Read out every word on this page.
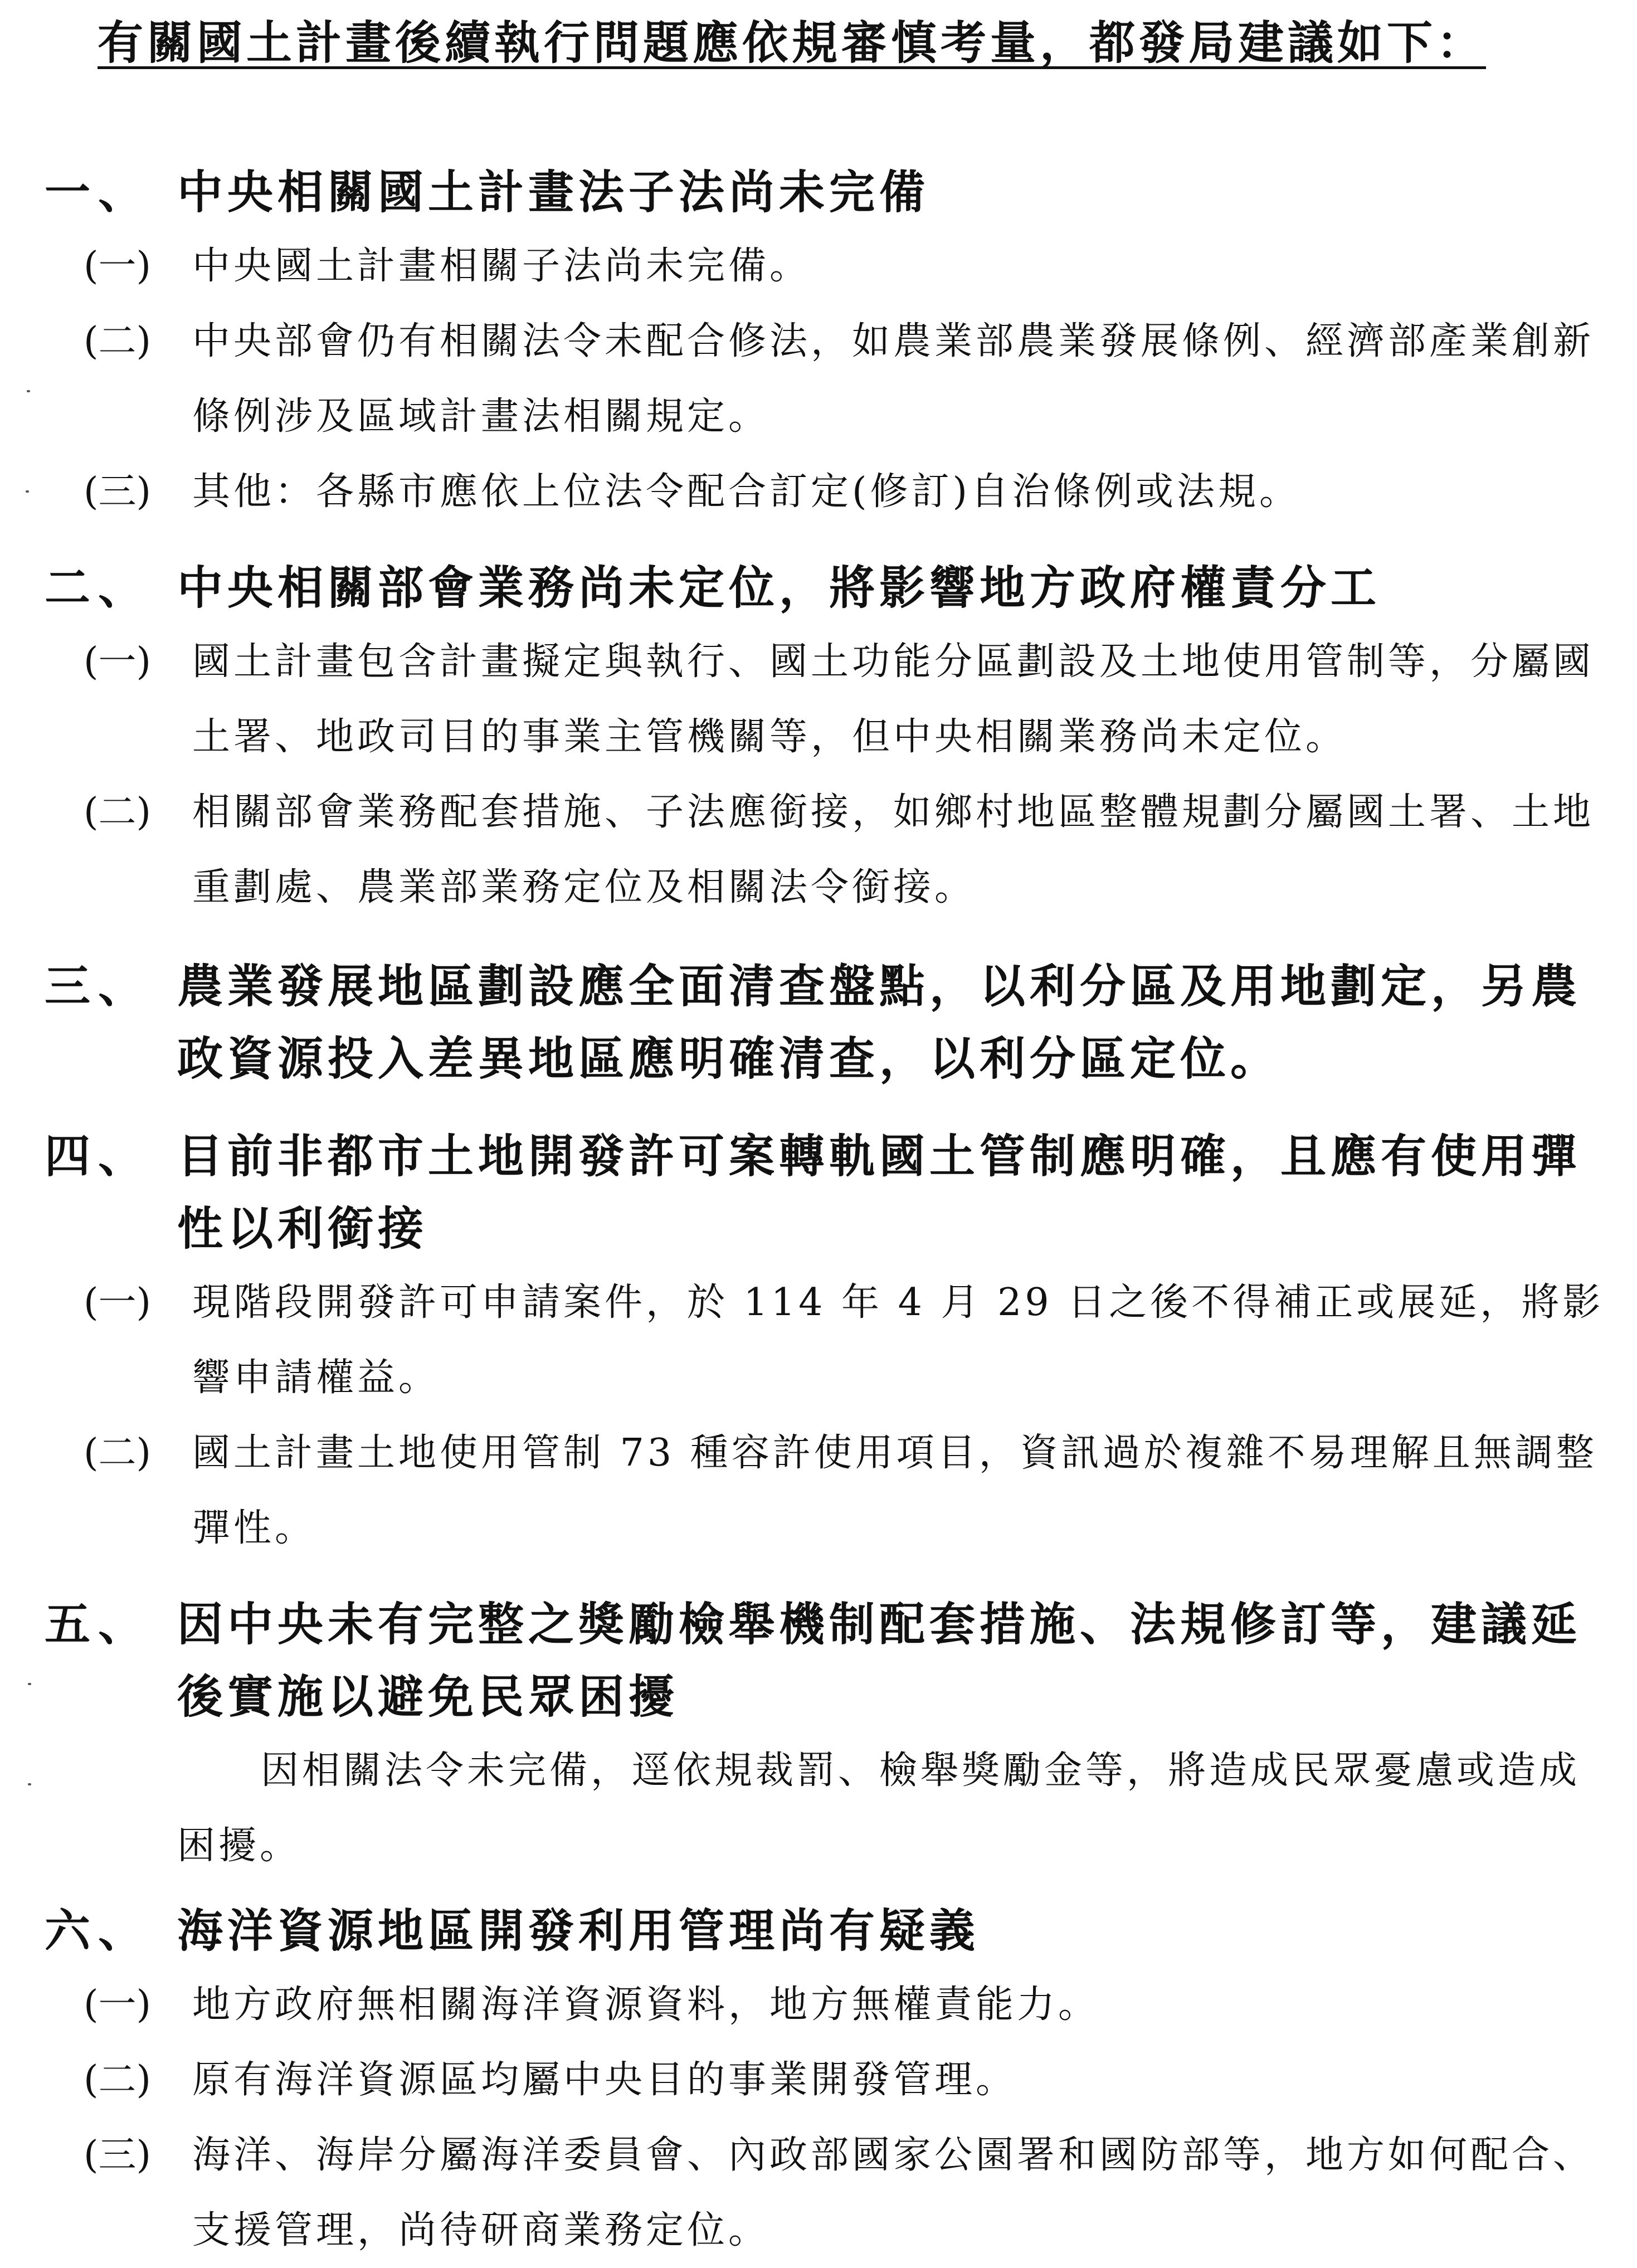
有關國土計畫後續執行問題應依規審慎考量，都發局建議如下：
一、 中央相關國土計畫法子法尚未完備
(一) 中央國土計畫相關子法尚未完備。
(二) 中央部會仍有相關法令未配合修法，如農業部農業發展條例、經濟部產業創新條例涉及區域計畫法相關規定。
(三) 其他：各縣市應依上位法令配合訂定(修訂)自治條例或法規。
二、 中央相關部會業務尚未定位，將影響地方政府權責分工
(一) 國土計畫包含計畫擬定與執行、國土功能分區劃設及土地使用管制等，分屬國土署、地政司目的事業主管機關等，但中央相關業務尚未定位。
(二) 相關部會業務配套措施、子法應銜接，如鄉村地區整體規劃分屬國土署、土地重劃處、農業部業務定位及相關法令銜接。
三、 農業發展地區劃設應全面清查盤點，以利分區及用地劃定，另農政資源投入差異地區應明確清查，以利分區定位。
四、 目前非都市土地開發許可案轉軌國土管制應明確，且應有使用彈性以利銜接
(一) 現階段開發許可申請案件，於 114 年 4 月 29 日之後不得補正或展延，將影響申請權益。
(二) 國土計畫土地使用管制 73 種容許使用項目，資訊過於複雜不易理解且無調整彈性。
五、 因中央未有完整之獎勵檢舉機制配套措施、法規修訂等，建議延後實施以避免民眾困擾
因相關法令未完備，逕依規裁罰、檢舉獎勵金等，將造成民眾憂慮或造成困擾。
六、 海洋資源地區開發利用管理尚有疑義
(一) 地方政府無相關海洋資源資料，地方無權責能力。
(二) 原有海洋資源區均屬中央目的事業開發管理。
(三) 海洋、海岸分屬海洋委員會、內政部國家公園署和國防部等，地方如何配合、支援管理，尚待研商業務定位。
